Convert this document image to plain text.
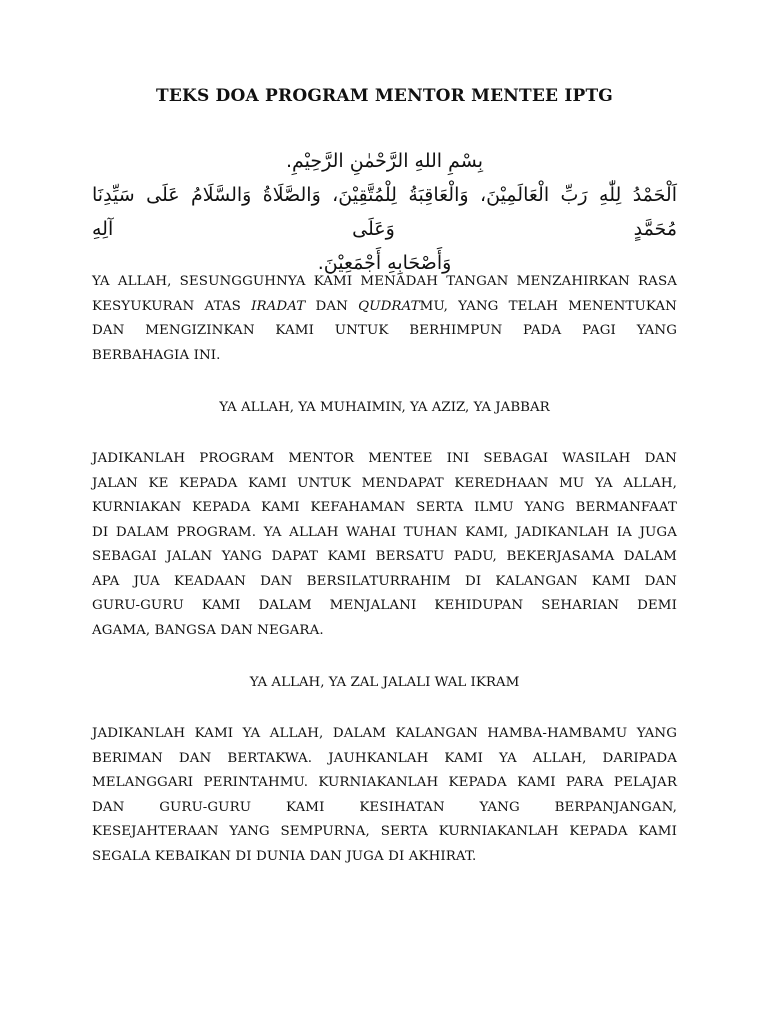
TEKS DOA PROGRAM MENTOR MENTEE IPTG
بِسْمِ اللهِ الرَّحْمٰنِ الرَّحِيْمِ.
اَلْحَمْدُ لِلّٰهِ رَبِّ الْعَالَمِيْنَ، وَالْعَاقِبَةُ لِلْمُتَّقِيْنَ، وَالصَّلَاةُ وَالسَّلَامُ عَلَى سَيِّدِنَا مُحَمَّدٍ وَعَلَى آلِهِ
وَأَصْحَابِهِ أَجْمَعِيْنَ.
YA ALLAH, SESUNGGUHNYA KAMI MENADAH TANGAN MENZAHIRKAN RASA
KESYUKURAN ATAS IRADAT DAN QUDRATMU, YANG TELAH MENENTUKAN
DAN MENGIZINKAN KAMI UNTUK BERHIMPUN PADA PAGI YANG
BERBAHAGIA INI.
YA ALLAH, YA MUHAIMIN, YA AZIZ, YA JABBAR
JADIKANLAH PROGRAM MENTOR MENTEE INI SEBAGAI WASILAH DAN
JALAN KE KEPADA KAMI UNTUK MENDAPAT KEREDHAAN MU YA ALLAH,
KURNIAKAN KEPADA KAMI KEFAHAMAN SERTA ILMU YANG BERMANFAAT
DI DALAM PROGRAM. YA ALLAH WAHAI TUHAN KAMI, JADIKANLAH IA JUGA
SEBAGAI JALAN YANG DAPAT KAMI BERSATU PADU, BEKERJASAMA DALAM
APA JUA KEADAAN DAN BERSILATURRAHIM DI KALANGAN KAMI DAN
GURU-GURU KAMI DALAM MENJALANI KEHIDUPAN SEHARIAN DEMI
AGAMA, BANGSA DAN NEGARA.
YA ALLAH, YA ZAL JALALI WAL IKRAM
JADIKANLAH KAMI YA ALLAH, DALAM KALANGAN HAMBA-HAMBAMU YANG
BERIMAN DAN BERTAKWA. JAUHKANLAH KAMI YA ALLAH, DARIPADA
MELANGGARI PERINTAHMU. KURNIAKANLAH KEPADA KAMI PARA PELAJAR
DAN GURU-GURU KAMI KESIHATAN YANG BERPANJANGAN,
KESEJAHTERAAN YANG SEMPURNA, SERTA KURNIAKANLAH KEPADA KAMI
SEGALA KEBAIKAN DI DUNIA DAN JUGA DI AKHIRAT.
